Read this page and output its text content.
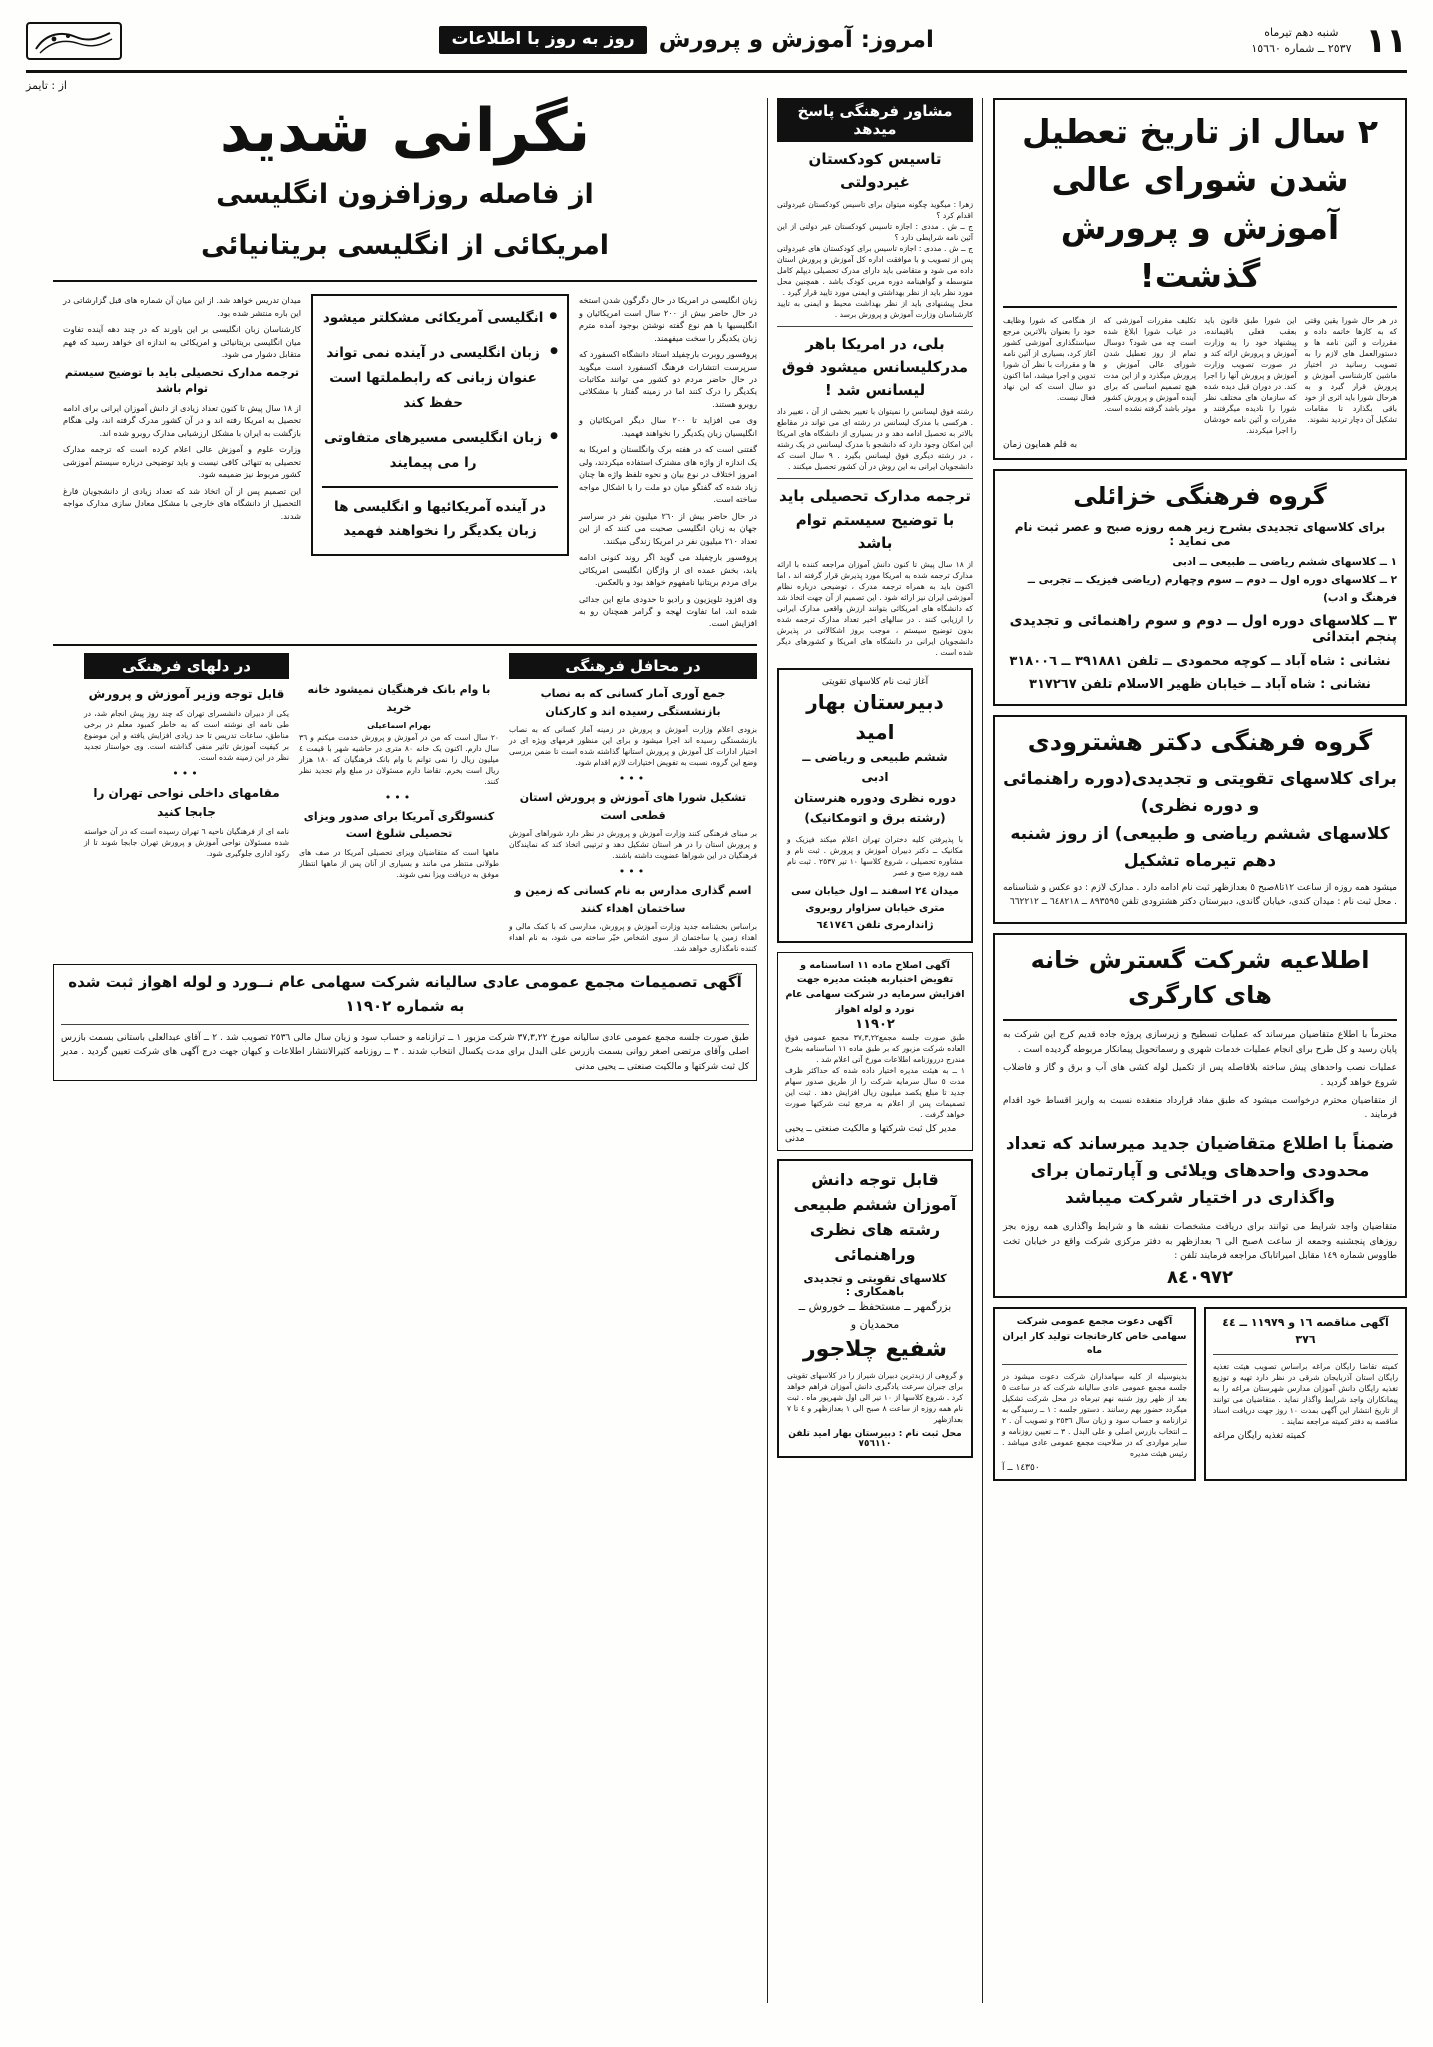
١١
شنبه دهم تیرماه
٢٥٣٧ ــ شماره ١٥٦٦٠
امروز: آموزش و پرورش
روز به روز با اطلاعات
از : تایمز
٢ سال از تاریخ تعطیل شدن شورای عالی آموزش و پرورش گذشت!
در هر حال شورا یقین وقتی که به کارها خاتمه داده و مقررات و آئین نامه ها و دستورالعمل های لازم را به تصویب رسانید در اختیار ماشین کارشناسی آموزش و پرورش قرار گیرد و به هرحال شورا باید اثری از خود باقی بگذارد تا مقامات تشکیل آن دچار تردید نشوند.
این شورا طبق قانون باید بعقب فعلی باقیمانده، پیشنهاد خود را به وزارت آموزش و پرورش ارائه کند و در صورت تصویب وزارت آموزش و پرورش آنها را اجرا کند. در دوران قبل دیده شده که سازمان های مختلف نظر شورا را نادیده میگرفتند و مقررات و آئین نامه خودشان را اجرا میکردند.
تکلیف مقررات آموزشی که در غیاب شورا ابلاغ شده است چه می شود؟ دوسال تمام از روز تعطیل شدن شورای عالی آموزش و پرورش میگذرد و از این مدت هیچ تصمیم اساسی که برای آینده آموزش و پرورش کشور موثر باشد گرفته نشده است.
از هنگامی که شورا وظایف خود را بعنوان بالاترین مرجع سیاستگذاری آموزشی کشور آغاز کرد، بسیاری از آئین نامه ها و مقررات با نظر آن شورا تدوین و اجرا میشد، اما اکنون دو سال است که این نهاد فعال نیست.
به قلم همایون زمان
گروه فرهنگی خزائلی
برای کلاسهای تجدیدی بشرح زیر همه روزه صبح و عصر ثبت نام می نماید :
١ ــ کلاسهای ششم ریاضی ــ طبیعی ــ ادبی
٢ ــ کلاسهای دوره اول ــ دوم ــ سوم وچهارم (ریاضی فیزیک ــ تجربی ــ فرهنگ و ادب)
٣ ــ کلاسهای دوره اول ــ دوم و سوم راهنمائی و تجدیدی پنجم ابتدائی
نشانی : شاه آباد ــ کوچه محمودی ــ تلفن ٣٩١٨٨١ ــ ٣١٨٠٠٦
نشانی : شاه آباد ــ خیابان ظهیر الاسلام تلفن ٣١٧٢٦٧
گروه فرهنگی دکتر هشترودی
برای کلاسهای تقویتی و تجدیدی(دوره راهنمائی و دوره نظری)
کلاسهای ششم ریاضی و طبیعی) از روز شنبه دهم تیرماه تشکیل

میشود همه روزه از ساعت ١٢تا٨صبح ٥ بعدازظهر ثبت نام ادامه دارد . مدارک لازم : دو عکس و شناسنامه . محل ثبت نام : میدان کندی، خیابان گاندی، دبیرستان دکتر هشترودی تلفن ٨٩٣٥٩٥ ــ ٦٤٨٢١٨ ــ ٦٦٢٢١٢

اطلاعیه شرکت گسترش خانه های کارگری

محترماً با اطلاع متقاضیان میرساند که عملیات تسطیح و زیرسازی پروژه جاده قدیم کرج این شرکت به پایان رسید و کل طرح برای انجام عملیات خدمات شهری و رسماتحویل پیمانکار مربوطه گردیده است .

عملیات نصب واحدهای پیش ساخته بلافاصله پس از تکمیل لوله کشی های آب و برق و گاز و فاضلاب شروع خواهد گردید .

از متقاضیان محترم درخواست میشود که طبق مفاد قرارداد منعقده نسبت به واریز اقساط خود اقدام فرمایند .

ضمناً با اطلاع متقاضیان جدید میرساند که تعداد محدودی واحدهای ویلائی و آپارتمان برای واگذاری در اختیار شرکت میباشد

متقاضیان واجد شرایط می توانند برای دریافت مشخصات نقشه ها و شرایط واگذاری همه روزه بجز روزهای پنجشنبه وجمعه از ساعت ٨صبح الی ٦ بعدازظهر به دفتر مرکزی شرکت واقع در خیابان تخت طاووس شماره ١٤٩ مقابل امیراتاباک مراجعه فرمایند تلفن :

٨٤٠٩٧٢
آگهی مناقصه ١٦ و ١١٩٧٩ ــ ٤٤ ٣٧٦
کمیته تقاضا رایگان مراغه براساس تصویب هیئت تغذیه رایگان استان آذربایجان شرقی در نظر دارد تهیه و توزیع تغذیه رایگان دانش آموزان مدارس شهرستان مراغه را به پیمانکاران واجد شرایط واگذار نماید . متقاضیان می توانند از تاریخ انتشار این آگهی بمدت ١٠ روز جهت دریافت اسناد مناقصه به دفتر کمیته مراجعه نمایند .
کمیته تغذیه رایگان مراغه
آگهی دعوت مجمع عمومی شرکت سهامی خاص کارخانجات تولید کار ایران ماه
بدینوسیله از کلیه سهامداران شرکت دعوت میشود در جلسه مجمع عمومی عادی سالیانه شرکت که در ساعت ٥ بعد از ظهر روز شنبه نهم تیرماه در محل شرکت تشکیل میگردد حضور بهم رسانند . دستور جلسه : ١ ــ رسیدگی به ترازنامه و حساب سود و زیان سال ٢٥٣٦ و تصویب آن . ٢ ــ انتخاب بازرس اصلی و علی البدل . ٣ ــ تعیین روزنامه و سایر مواردی که در صلاحیت مجمع عمومی عادی میباشد . رئیس هیئت مدیره
١٤٣٥٠ ــ آ
مشاور فرهنگی پاسخ میدهد
تاسیس کودکستان غیردولتی
زهرا : میگوید چگونه میتوان برای تاسیس کودکستان غیردولتی اقدام کرد ؟
ج ــ ش . مددی : اجازه تاسیس کودکستان غیر دولتی از این آئین نامه شرایطی دارد ؟
ج ــ ش . مددی : اجازه تاسیس برای کودکستان های غیردولتی پس از تصویب و با موافقت اداره کل آموزش و پرورش استان داده می شود و متقاضی باید دارای مدرک تحصیلی دیپلم کامل متوسطه و گواهینامه دوره مربی کودک باشد . همچنین محل مورد نظر باید از نظر بهداشتی و ایمنی مورد تایید قرار گیرد .
محل پیشنهادی باید از نظر بهداشت محیط و ایمنی به تایید کارشناسان وزارت آموزش و پرورش برسد .
بلی، در امریکا باهر مدرکلیسانس میشود فوق لیسانس شد !
رشته فوق لیسانس را نمیتوان با تغییر بخشی از آن ، تغییر داد . هرکسی با مدرک لیسانس در رشته ای می تواند در مقاطع بالاتر به تحصیل ادامه دهد و در بسیاری از دانشگاه های امریکا این امکان وجود دارد که دانشجو با مدرک لیسانس در یک رشته ، در رشته دیگری فوق لیسانس بگیرد . ٩ سال است که دانشجویان ایرانی به این روش در آن کشور تحصیل میکنند .
ترجمه مدارک تحصیلی باید با توضیح سیستم توام باشد
از ١٨ سال پیش تا کنون دانش آموزان مراجعه کننده با ارائه مدارک ترجمه شده به امریکا مورد پذیرش قرار گرفته اند ، اما اکنون باید به همراه ترجمه مدرک ، توضیحی درباره نظام آموزشی ایران نیز ارائه شود . این تصمیم از آن جهت اتخاذ شد که دانشگاه های امریکائی بتوانند ارزش واقعی مدارک ایرانی را ارزیابی کنند . در سالهای اخیر تعداد مدارک ترجمه شده بدون توضیح سیستم ، موجب بروز اشکالاتی در پذیرش دانشجویان ایرانی در دانشگاه های امریکا و کشورهای دیگر شده است .
آغاز ثبت نام کلاسهای تقویتی
دبیرستان بهار امید
ششم طبیعی و ریاضی ــ ادبی
دوره نظری ودوره هنرستان
(رشته برق و اتومکانیک)
با پذیرفتن کلیه دختران تهران اعلام میکند فیزیک و مکانیک ــ دکتر دبیران آموزش و پرورش . ثبت نام و مشاوره تحصیلی ، شروع کلاسها ١٠ تیر ٢٥٣٧ . ثبت نام همه روزه صبح و عصر
میدان ٢٤ اسفند ــ اول خیابان سی متری خیابان سزاوار روبروی ژاندارمری تلفن ٦٤١٧٤٦
آگهی اصلاح ماده ١١ اساسنامه و تفویض اختیاربه هیئت مدیره جهت افزایش سرمایه در شرکت سهامی عام نورد و لوله اهواز
١١٩٠٢
طبق صورت جلسه مجمع٣٧,٣,٢٢ مجمع عمومی فوق العاده شرکت مزبور که بر طبق ماده ١١ اساسنامه بشرح مندرج درروزنامه اطلاعات مورخ آتی اعلام شد .
١ ــ به هیئت مدیره اختیار داده شده که حداکثر ظرف مدت ٥ سال سرمایه شرکت را از طریق صدور سهام جدید تا مبلغ یکصد میلیون ریال افزایش دهد . ثبت این تصمیمات پس از اعلام به مرجع ثبت شرکتها صورت خواهد گرفت .
مدیر کل ثبت شرکتها و مالکیت صنعتی ــ یحیی مدنی
قابل توجه دانش آموزان ششم طبیعی رشته های نظری وراهنمائی
کلاسهای تقویتی و تجدیدی
باهمکاری :
بزرگمهر ــ مستحفظ ــ خوروش ــ محمدیان و
شفیع چلاجور
و گروهی از زبدترین دبیران شیراز را در کلاسهای تقویتی برای جبران سرعت یادگیری دانش آموزان فراهم خواهد کرد . شروع کلاسها از ١٠ تیر الی اول شهریور ماه . ثبت نام همه روزه از ساعت ٨ صبح الی ١ بعدازظهر و ٤ تا ٧ بعدازظهر
محل ثبت نام : دبیرستان بهار امید تلفن ٧٥٦١١٠
نگرانی شدید
از فاصله روزافزون انگلیسی
امریکائی از انگلیسی بریتانیائی

زبان انگلیسی در امریکا در حال دگرگون شدن استخه در حال حاضر بیش از ٢٠٠ سال است امریکائیان و انگلیسیها با هم نوع گفته نوشتن بوجود آمده مترم زبان یکدیگر را سخت میفهمند.

پروفسور روبرت بارچفیلد استاد دانشگاه اکسفورد که سرپرست انتشارات فرهنگ آکسفورد است میگوید در حال حاضر مردم دو کشور می توانند مکاتبات یکدیگر را درک کنند اما در زمینه گفتار با مشکلاتی روبرو هستند.

وی می افزاید تا ٢٠٠ سال دیگر امریکائیان و انگلیسیان زبان یکدیگر را نخواهند فهمید.

گفتنی است که در هفته برک وانگلستان و امریکا به یک اندازه از واژه های مشترک استفاده میکردند، ولی امروز اختلاف در نوع بیان و نحوه تلفظ واژه ها چنان زیاد شده که گفتگو میان دو ملت را با اشکال مواجه ساخته است.

در حال حاضر بیش از ٢٦٠ میلیون نفر در سراسر جهان به زبان انگلیسی صحبت می کنند که از این تعداد ٢١٠ میلیون نفر در امریکا زندگی میکنند.

پروفسور بارچفیلد می گوید اگر روند کنونی ادامه یابد، بخش عمده ای از واژگان انگلیسی امریکائی برای مردم بریتانیا نامفهوم خواهد بود و بالعکس.

وی افزود تلویزیون و رادیو تا حدودی مانع این جدائی شده اند، اما تفاوت لهجه و گرامر همچنان رو به افزایش است.

●
انگلیسی آمریکائی مشکلتر میشود
●
زبان انگلیسی در آینده نمی تواند عنوان زبانی که رابطملتها است حفظ کند
●
زبان انگلیسی مسیرهای متفاوتی را می پیمایند
در آینده آمریکائیها و انگلیسی ها زبان یکدیگر را نخواهند فهمید

میدان تدریس خواهد شد. از این میان آن شماره های قبل گزارشاتی در این باره منتشر شده بود.

کارشناسان زبان انگلیسی بر این باورند که در چند دهه آینده تفاوت میان انگلیسی بریتانیائی و امریکائی به اندازه ای خواهد رسید که فهم متقابل دشوار می شود.

ترجمه مدارک تحصیلی باید با توضیح سیستم توام باشد

از ١٨ سال پیش تا کنون تعداد زیادی از دانش آموزان ایرانی برای ادامه تحصیل به امریکا رفته اند و در آن کشور مدرک گرفته اند، ولی هنگام بازگشت به ایران با مشکل ارزشیابی مدارک روبرو شده اند.

وزارت علوم و آموزش عالی اعلام کرده است که ترجمه مدارک تحصیلی به تنهائی کافی نیست و باید توضیحی درباره سیستم آموزشی کشور مربوط نیز ضمیمه شود.

این تصمیم پس از آن اتخاذ شد که تعداد زیادی از دانشجویان فارغ التحصیل از دانشگاه های خارجی با مشکل معادل سازی مدارک مواجه شدند.

در محافل فرهنگی
جمع آوری آمار کسانی که به نصاب بازنشستگی رسیده اند و کارکنان
بزودی اعلام وزارت آموزش و پرورش در زمینه آمار کسانی که به نصاب بازنشستگی رسیده اند اجرا میشود و برای این منظور فرمهای ویژه ای در اختیار ادارات کل آموزش و پرورش استانها گذاشته شده است تا ضمن بررسی وضع این گروه، نسبت به تفویض اختیارات لازم اقدام شود.
•••
تشکیل شورا های آموزش و پرورش استان قطعی است
بر مبنای فرهنگی کنند وزارت آموزش و پرورش در نظر دارد شوراهای آموزش و پرورش استان را در هر استان تشکیل دهد و ترتیبی اتخاذ کند که نمایندگان فرهنگیان در این شوراها عضویت داشته باشند.
•••
اسم گذاری مدارس به نام کسانی که زمین و ساختمان اهداء کنند
براساس بخشنامه جدید وزارت آموزش و پرورش، مدارسی که با کمک مالی و اهداء زمین یا ساختمان از سوی اشخاص خیّر ساخته می شود، به نام اهداء کننده نامگذاری خواهد شد.
با وام بانک فرهنگیان نمیشود خانه خرید
بهرام اسماعیلی
٢٠ سال است که من در آموزش و پرورش خدمت میکنم و ٣٦ سال دارم. اکنون یک خانه ٨٠ متری در حاشیه شهر با قیمت ٤ میلیون ریال را نمی توانم با وام بانک فرهنگیان که ١٨٠ هزار ریال است بخرم. تقاضا دارم مسئولان در مبلغ وام تجدید نظر کنند.
•••
کنسولگری آمریکا برای صدور ویزای تحصیلی شلوغ است
ماهها است که متقاضیان ویزای تحصیلی آمریکا در صف های طولانی منتظر می مانند و بسیاری از آنان پس از ماهها انتظار موفق به دریافت ویزا نمی شوند.
در دلهای فرهنگی
قابل توجه وزیر آموزش و پرورش
یکی از دبیران دانشسرای تهران که چند روز پیش انجام شد، در طی نامه ای نوشته است که به خاطر کمبود معلم در برخی مناطق، ساعات تدریس تا حد زیادی افزایش یافته و این موضوع بر کیفیت آموزش تاثیر منفی گذاشته است. وی خواستار تجدید نظر در این زمینه شده است.
•••
مقامهای داخلی نواحی تهران را جابجا کنید
نامه ای از فرهنگیان ناحیه ٦ تهران رسیده است که در آن خواسته شده مسئولان نواحی آموزش و پرورش تهران جابجا شوند تا از رکود اداری جلوگیری شود.
آگهی تصمیمات مجمع عمومی عادی سالیانه شرکت سهامی عام نــورد و لوله اهواز ثبت شده به شماره ١١٩٠٢
طبق صورت جلسه مجمع عمومی عادی سالیانه مورخ ٣٧,٣,٢٢ شرکت مزبور ١ ــ ترازنامه و حساب سود و زیان سال مالی ٢٥٣٦ تصویب شد . ٢ ــ آقای عبدالعلی باستانی بسمت بازرس اصلی وآقای مرتضی اصغر روانی بسمت بازرس علی البدل برای مدت یکسال انتخاب شدند . ٣ ــ روزنامه کثیرالانتشار اطلاعات و کیهان جهت درج آگهی های شرکت تعیین گردید . مدیر کل ثبت شرکتها و مالکیت صنعتی ــ یحیی مدنی
